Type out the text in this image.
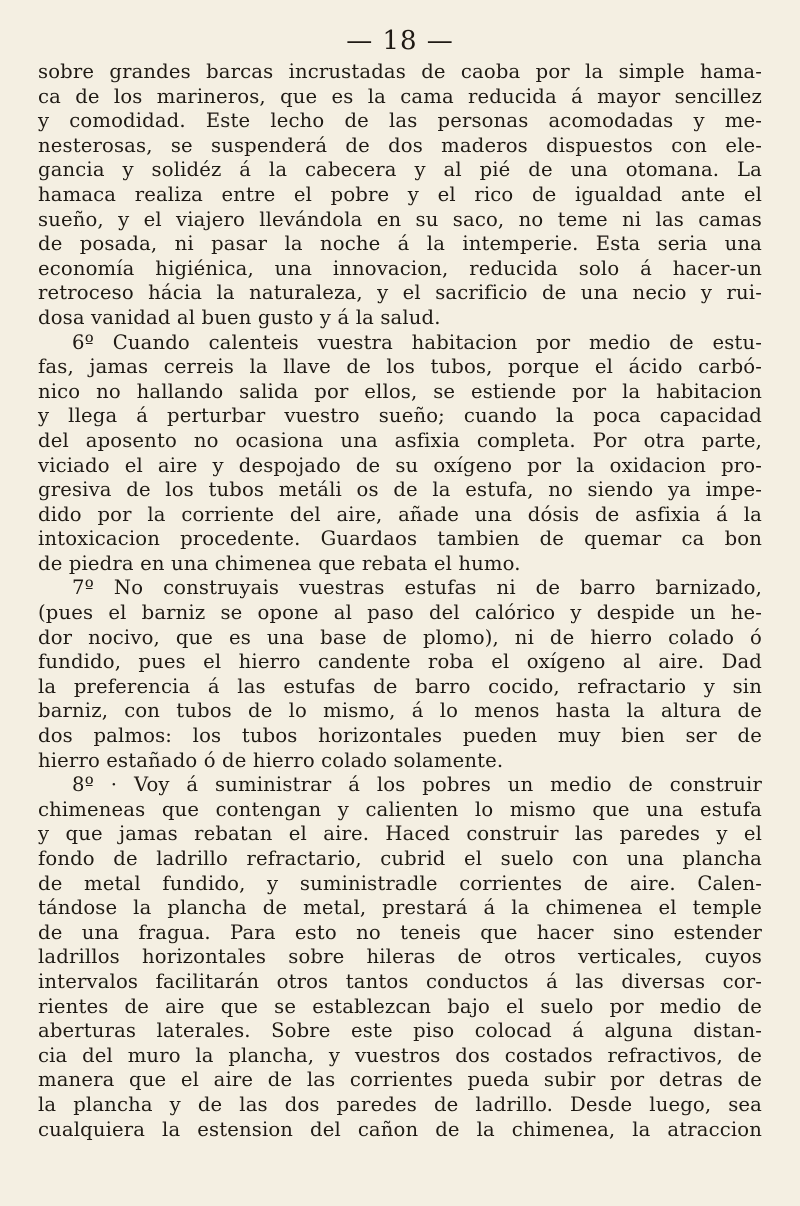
— 18 —
sobre grandes barcas incrustadas de caoba por la simple hama-
ca de los marineros, que es la cama reducida á mayor sencillez
y comodidad. Este lecho de las personas acomodadas y me-
nesterosas, se suspenderá de dos maderos dispuestos con ele-
gancia y solidéz á la cabecera y al pié de una otomana. La
hamaca realiza entre el pobre y el rico de igualdad ante el
sueño, y el viajero llevándola en su saco, no teme ni las camas
de posada, ni pasar la noche á la intemperie. Esta seria una
economía higiénica, una innovacion, reducida solo á hacer-un
retroceso hácia la naturaleza, y el sacrificio de una necio y rui-
dosa vanidad al buen gusto y á la salud.
6º Cuando calenteis vuestra habitacion por medio de estu-
fas, jamas cerreis la llave de los tubos, porque el ácido carbó-
nico no hallando salida por ellos, se estiende por la habitacion
y llega á perturbar vuestro sueño; cuando la poca capacidad
del aposento no ocasiona una asfixia completa. Por otra parte,
viciado el aire y despojado de su oxígeno por la oxidacion pro-
gresiva de los tubos metáli os de la estufa, no siendo ya impe-
dido por la corriente del aire, añade una dósis de asfixia á la
intoxicacion procedente. Guardaos tambien de quemar ca bon
de piedra en una chimenea que rebata el humo.
7º No construyais vuestras estufas ni de barro barnizado,
(pues el barniz se opone al paso del calórico y despide un he-
dor nocivo, que es una base de plomo), ni de hierro colado ó
fundido, pues el hierro candente roba el oxígeno al aire. Dad
la preferencia á las estufas de barro cocido, refractario y sin
barniz, con tubos de lo mismo, á lo menos hasta la altura de
dos palmos: los tubos horizontales pueden muy bien ser de
hierro estañado ó de hierro colado solamente.
8º · Voy á suministrar á los pobres un medio de construir
chimeneas que contengan y calienten lo mismo que una estufa
y que jamas rebatan el aire. Haced construir las paredes y el
fondo de ladrillo refractario, cubrid el suelo con una plancha
de metal fundido, y suministradle corrientes de aire. Calen-
tándose la plancha de metal, prestará á la chimenea el temple
de una fragua. Para esto no teneis que hacer sino estender
ladrillos horizontales sobre hileras de otros verticales, cuyos
intervalos facilitarán otros tantos conductos á las diversas cor-
rientes de aire que se establezcan bajo el suelo por medio de
aberturas laterales. Sobre este piso colocad á alguna distan-
cia del muro la plancha, y vuestros dos costados refractivos, de
manera que el aire de las corrientes pueda subir por detras de
la plancha y de las dos paredes de ladrillo. Desde luego, sea
cualquiera la estension del cañon de la chimenea, la atraccion
